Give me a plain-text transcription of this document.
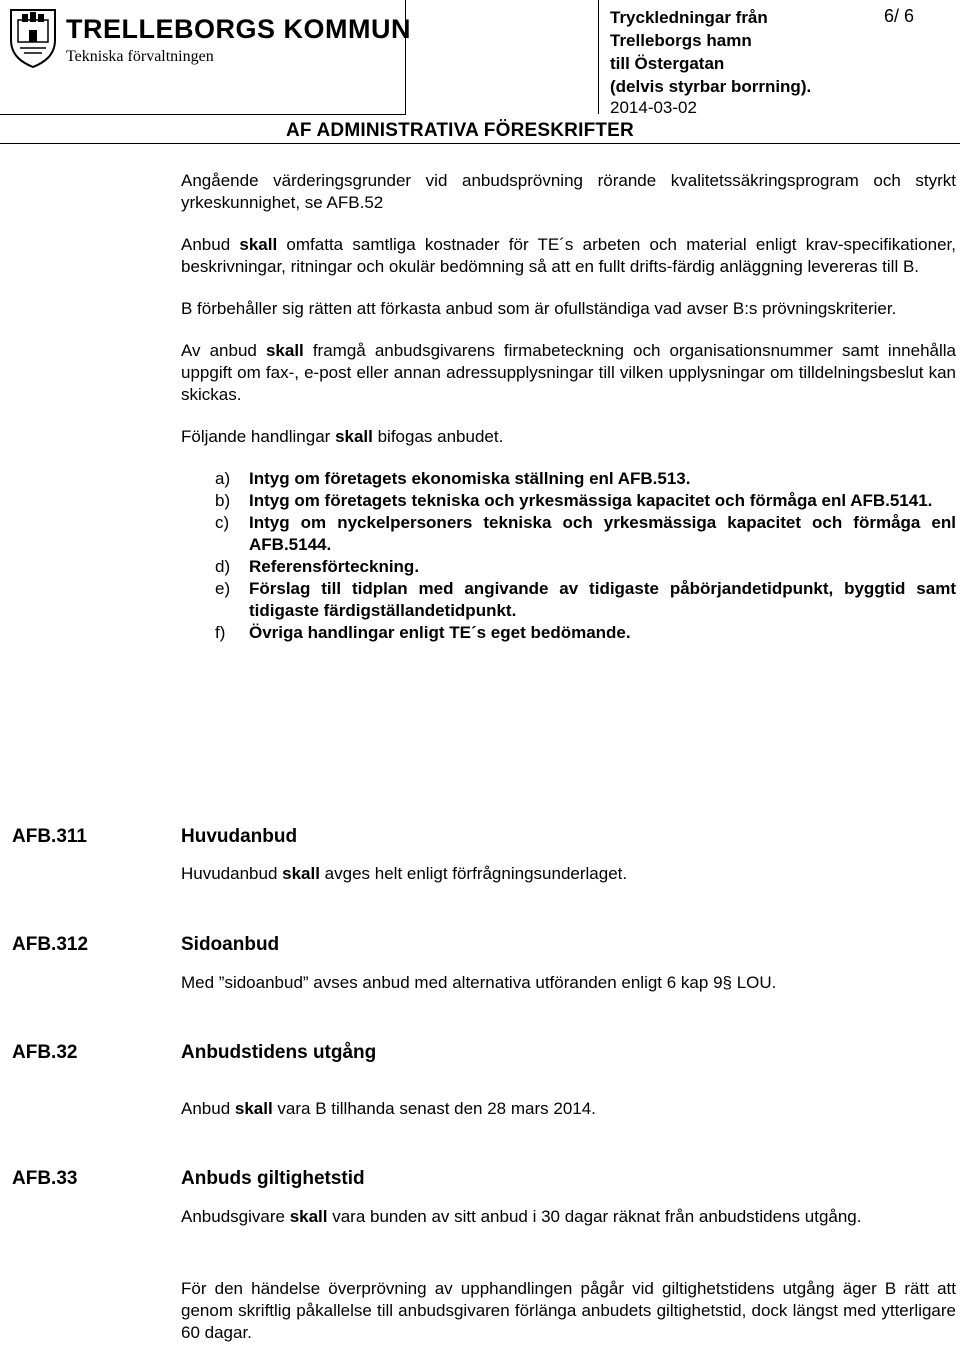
TRELLEBORGS KOMMUN
Tekniska förvaltningen
Tryckledningar från
Trelleborgs hamn
till Östergatan
(delvis styrbar borrning).
2014-03-02
6/ 6
AF ADMINISTRATIVA FÖRESKRIFTER

Angående värderingsgrunder vid anbudsprövning rörande kvalitetssäkringsprogram och styrkt yrkeskunnighet, se AFB.52

Anbud skall omfatta samtliga kostnader för TE´s arbeten och material enligt krav-specifikationer, beskrivningar, ritningar och okulär bedömning så att en fullt drifts-färdig anläggning levereras till B.

B förbehåller sig rätten att förkasta anbud som är ofullständiga vad avser B:s prövningskriterier.

Av anbud skall framgå anbudsgivarens firmabeteckning och organisationsnummer samt innehålla uppgift om fax-, e-post eller annan adressupplysningar till vilken upplysningar om tilldelningsbeslut kan skickas.

Följande handlingar skall bifogas anbudet.

a) Intyg om företagets ekonomiska ställning enl AFB.513.
b) Intyg om företagets tekniska och yrkesmässiga kapacitet och förmåga enl AFB.5141.
c) Intyg om nyckelpersoners tekniska och yrkesmässiga kapacitet och förmåga enl AFB.5144.
d) Referensförteckning.
e) Förslag till tidplan med angivande av tidigaste påbörjandetidpunkt, byggtid samt tidigaste färdigställandetidpunkt.
f) Övriga handlingar enligt TE´s eget bedömande.
AFB.311	Huvudanbud
Huvudanbud skall avges helt enligt förfrågningsunderlaget.
AFB.312	Sidoanbud
Med ”sidoanbud” avses anbud med alternativa utföranden enligt 6 kap 9§ LOU.
AFB.32	Anbudstidens utgång
Anbud skall vara B tillhanda senast den 28 mars 2014.
AFB.33	Anbuds giltighetstid
Anbudsgivare skall vara bunden av sitt anbud i 30 dagar räknat från anbudstidens utgång.
För den händelse överprövning av upphandlingen pågår vid giltighetstidens utgång äger B rätt att genom skriftlig påkallelse till anbudsgivaren förlänga anbudets giltighetstid, dock längst med ytterligare 60 dagar.
